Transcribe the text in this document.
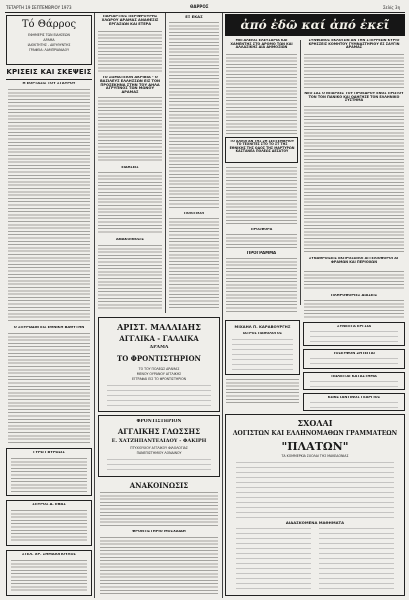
ΤΕΤΑΡΤΗ 19 ΣΕΠΤΕΜΒΡΙΟΥ 1973	ΘΑΡΡΟΣ	Σελίς 3η
Τό Θάρρος
ΕΦΗΜΕΡΙΣ ΤΩΝ ΕΙΔΗΣΕΩΝ
ΔΡΑΜΑ
ΙΔΙΟΚΤΗΤΗΣ - ΔΙΕΥΘΥΝΤΗΣ
ΓΡΑΦΕΙΑ: ΛΑΜΠΡΙΑΝΙΔΟΥ
ΚΡΙΣΕΙΣ ΚΑΙ ΣΚΕΨΕΙΣ
Η ΕΟΡΤΑΣΙΣ ΤΟΥ ΣΤΑΥΡΟΥ
Ο ΣΠΥΡΙΔΩΝ ΕΙΣ ΕΘΝΙΚΗ ΒΑΘΥΤΗΝ
ΓΥΡΩ Ι ΒΥΡΩΣΙΣ
ΣΠΥΡΟΣ Δ. ΕΦΑΣ
ΣΤΕΛ. ΧΡ. ΣΗΜΑΙΟΠΟΥΛΟΣ
ΠΑΡΙΑΡΤΙΟΣ ΠΕΡΙΦΡΟΥΡΗΣ ΧΛΩΡΟΥ ΔΡΑΜΑΣ ΑΝΑΘΕΣΙΣ ΕΡΓΑΣΙΩΝ ΚΑΙ ΕΤΕΡΑ
ΤΟ ΣΩΜΑΤΕΙΟΝ ΑΚΡΙΒΙΑ - Ο ΒΑΣΙΛΕΥΣ ΕΛΛΗΣΣΩΝ ΕΙΣ ΤΟΝ ΠΡΟΣΕΚΗΝΑ ΣΤΗΝ ΤΟΥ ΔΗΛΑ ΑΓΡΥΠΝΟΣ ΤΩΝ ΜΩΝΟΥ ΔΡΑΜΑΣ
ΕΙΔΗΣΕΙΣ
ΑΝΑΚΟΙΝΟΣΙΣ
ΕΞ ΕΚΑΣ
ΠΟΛΙΤΙΚΟΙ
ἀπό ἐδῶ καί ἀπό ἐκεῖ
ΜΕΓΑΛΕΙΟΣ ΕΛΕΥΣΑΡΙΑ ΚΑΙ ΧΑΜΕΝΤΗΣ ΣΤΟ ΔΡΟΜΟ ΤΩΝ ΚΑΙ ΑΛΛΑΣΙΚΗΣ ΔΙΑ ΔΗΜΟΣΙΩΝ
ΤΟ ΑΛΛΟΓΑΝ ΤΗΣ 2Η ΣΕΠΤΕΜΒΡΙΟΥ ΤΟ ΤΕΧΝΙΤΕΣ ΣΤΟ ΤΟ ΣΤ ΤΗΣ ΕΘΝΙΚΗΣ ΤΗΣ ΟΔΟΣ ΤΗΣ ΜΑΡΤΥΡΩΝ ΚΑΣΤΑΝΕΑ ΠΟΛΕΩΣ ΔΕΣΑΤΟΥ
ΠΡΟΣΦΟΡΑ
ΠΡΟΓΡΑΜΜΑ
ΣΥΝΦΩΝΟΣ ΕΚΛΟΓΩΝ ΑΝ ΤΗΝ ΣΤΕΡΡΕΩΝ ΚΥΡΙΟ ΚΡΗΣΣΕΙΣ ΚΟΜΗΤΟΥ ΓΥΜΝΑΣΤΗΡΙΟΥ ΕΣ ΣΑΥΓΙΝ ΔΡΑΜΑΣ
ΝΕΟ ΣΑΣ Ο ΝΠΑΡΧΕΣ ΤΟΥ ΠΡΟΕΔΡΟΥ ΕΝΟΣ ΠΡΩΤΟΥ ΤΟΝ ΤΟΝ ΠΑΝΙΚΟ ΚΑΙ ΟΔΗΓΗΣΕ ΤΟΝ ΕΛΛΗΝΙΚΟ ΣΥΣΤΗΜΑ
ΣΥΝΑΘΡΟΙΣΕΙΣ ΕΚΠΡΟΣΩΠΟΙ ΑΓΓΕΛΙΟΦΟΡΟΙ ΑΓ ΦΡΑΜΩΝ ΚΑΙ ΠΕΡΙΟΧΩΝ
ΠΛΗΡΟΦΟΡΙΕΣ ΔΙΑΣΕΙΣ
ΑΡΙΣΤ. ΜΑΛΛΙΔΗΣ
ΑΓΓΛΙΚΑ - ΓΑΛΛΙΚΑ
ΔΡΑΜΑ
ΤΟ ΦΡΟΝΤΙΣΤΗΡΙΟΝ
ΤΟ ΤΟΥ ΠΟΛΕΩΣ ΔΡΑΜΑΣ
ΜΕΝΟΥ ΟΥΡΑΝΟΥ ΑΓΓΛΙΚΗΣ
ΕΓΓΡΑΦΑΙ ΕΙΣ ΤΟ ΦΡΟΝΤΙΣΤΗΡΙΟΝ
ΦΡΟΝΤΙΣΤΗΡΙΟΝ
ΑΓΓΛΙΚΗΣ ΓΛΩΣΣΗΣ
Ε. ΧΑΤΖΗΠΑΝΤΕΛΙΔΟΥ - ΦΑΚΙΡΗ
ΠΤΥΧΙΟΥΧΟΥ ΑΓΓΛΙΚΟΥ ΦΙΛΟΛΟΓΙΑΣ
ΠΑΝΕΠΙΣΤΗΜΙΟΥ ΛΟΝΔΙΝΟΥ
ΑΝΑΚΟΙΝΩΣΙΣ
ΦΡΟΝΤΙΣΤΗΡΙΟ ΜΟΣΧΑΪΔΗ
ΜΙΧΑΗΛ Π. ΚΑΡΑΒΟΥΡΓΗΣ
ΙΑΤΡΟΣ ΠΑΘΟΛΟΓΟΣ
ΣΥΝΕΠΤΑ ΕΡΓΣΙΑ
ΤΟΣΕΥΦΟΝ ΖΗΤΕΙΤΑΙ
ΠΩΛΕΙΤΑΙ ΚΑΤΑΣΤΗΜΑ
ΚΩΝΣΤΑΝΤΙΝΟΣ ΓΕΑΡΓΙΟΣ
ΣΧΟΛΑΙ
ΛΟΓΙΣΤΩΝ ΚΑΙ ΕΛΛΗΝΟΜΑΘΩΝ ΓΡΑΜΜΑΤΕΩΝ
"ΠΛΑΤΩΝ"
ΤΑ ΚΟΜΜΕΡΚΙΑ ΣΧΟΛΑΙ ΤΗΣ ΜΑΚΕΔΟΝΙΑΣ
ΔΙΔΑΣΚΟΜΕΝΑ ΜΑΘΗΜΑΤΑ
